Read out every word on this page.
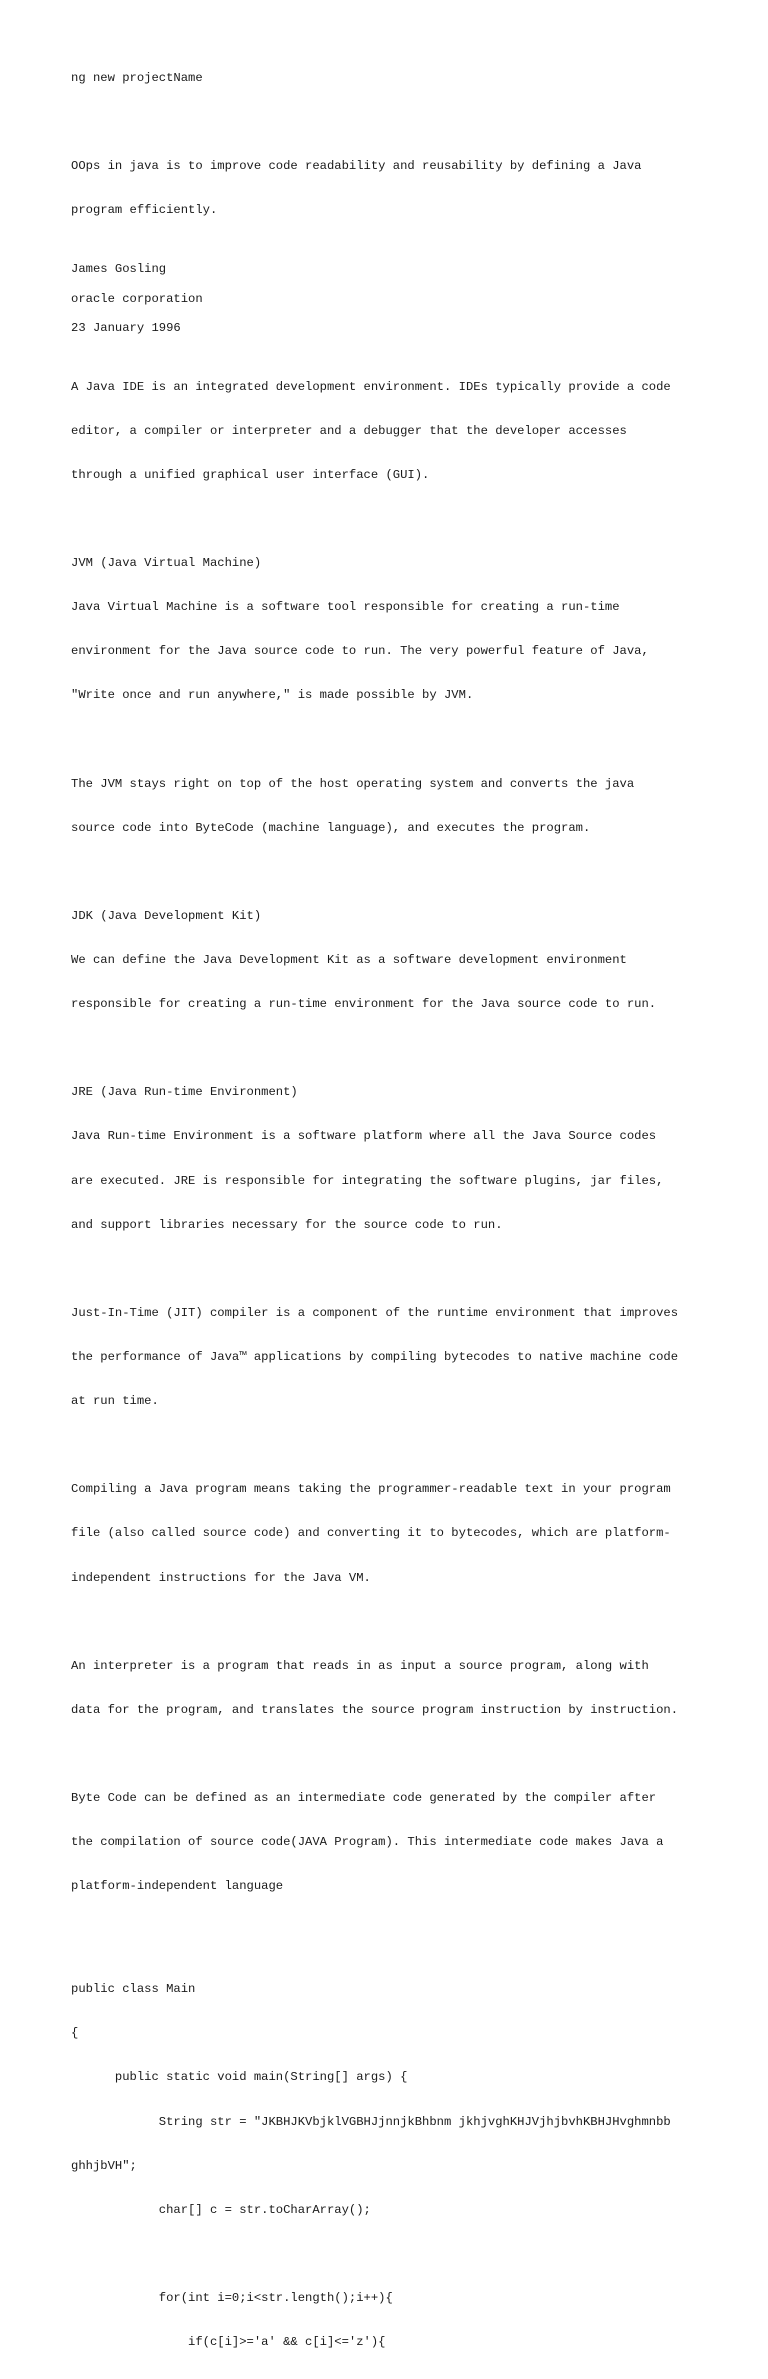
ng new projectName

OOps in java is to improve code readability and reusability by defining a Java

program efficiently.

James Gosling

oracle corporation

23 January 1996

A Java IDE is an integrated development environment. IDEs typically provide a code

editor, a compiler or interpreter and a debugger that the developer accesses

through a unified graphical user interface (GUI).

JVM (Java Virtual Machine)

Java Virtual Machine is a software tool responsible for creating a run-time

environment for the Java source code to run. The very powerful feature of Java,

"Write once and run anywhere," is made possible by JVM.

The JVM stays right on top of the host operating system and converts the java

source code into ByteCode (machine language), and executes the program.

JDK (Java Development Kit)

We can define the Java Development Kit as a software development environment

responsible for creating a run-time environment for the Java source code to run.

JRE (Java Run-time Environment)

Java Run-time Environment is a software platform where all the Java Source codes

are executed. JRE is responsible for integrating the software plugins, jar files,

and support libraries necessary for the source code to run.

Just-In-Time (JIT) compiler is a component of the runtime environment that improves

the performance of Java™ applications by compiling bytecodes to native machine code

at run time.

Compiling a Java program means taking the programmer-readable text in your program

file (also called source code) and converting it to bytecodes, which are platform-

independent instructions for the Java VM.

An interpreter is a program that reads in as input a source program, along with

data for the program, and translates the source program instruction by instruction.

Byte Code can be defined as an intermediate code generated by the compiler after

the compilation of source code(JAVA Program). This intermediate code makes Java a

platform-independent language

public class Main

{

public static void main(String[] args) {

String str = "JKBHJKVbjklVGBHJjnnjkBhbnm jkhjvghKHJVjhjbvhKBHJHvghmnbb

ghhjbVH";

char[] c = str.toCharArray();

for(int i=0;i<str.length();i++){

if(c[i]>='a' && c[i]<='z'){
